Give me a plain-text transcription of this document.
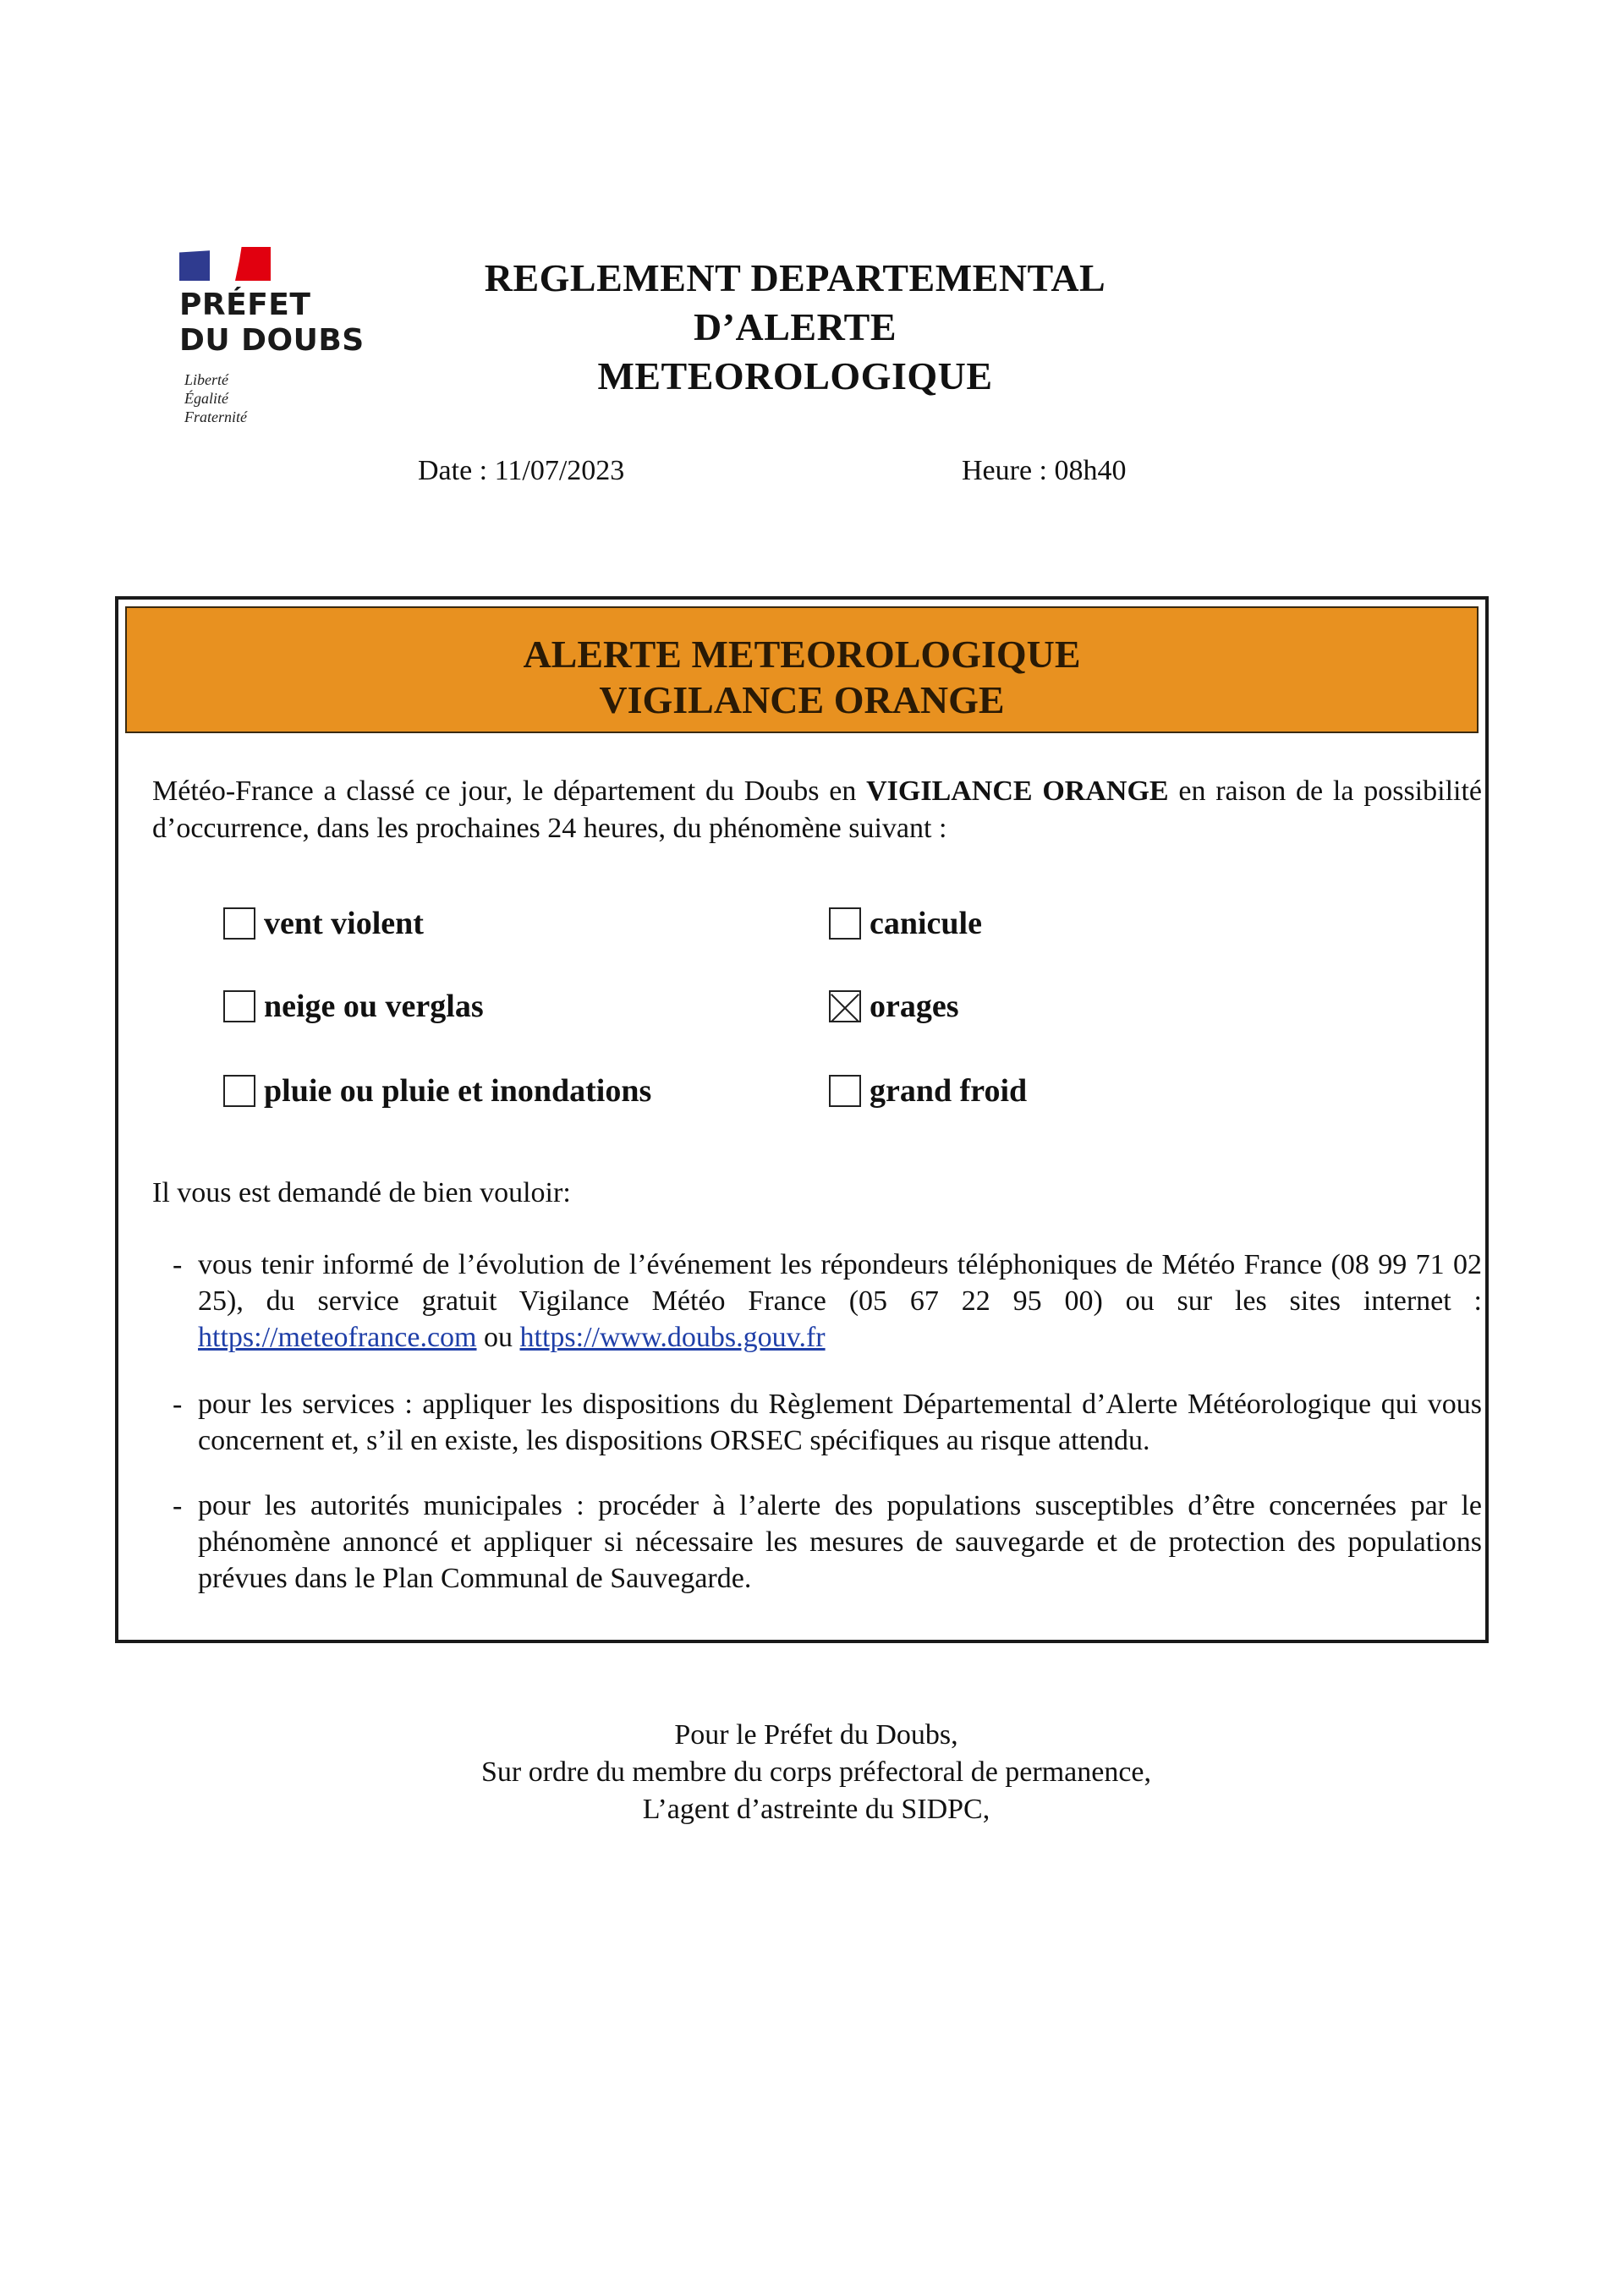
PRÉFET
DU DOUBS
Liberté
Égalité
Fraternité
REGLEMENT DEPARTEMENTAL D’ALERTE
METEOROLOGIQUE
Date : 11/07/2023	Heure : 08h40
ALERTE METEOROLOGIQUE
VIGILANCE ORANGE
Météo-France a classé ce jour, le département du Doubs en VIGILANCE ORANGE en raison de la possibilité d’occurrence, dans les prochaines 24 heures, du phénomène suivant :
vent violent	canicule
neige ou verglas	orages
pluie ou pluie et inondations	grand froid
Il vous est demandé de bien vouloir:
- vous tenir informé de l’évolution de l’événement les répondeurs téléphoniques de Météo France (08 99 71 02 25), du service gratuit Vigilance Météo France (05 67 22 95 00) ou sur les sites internet : https://meteofrance.com ou https://www.doubs.gouv.fr
- pour les services : appliquer les dispositions du Règlement Départemental d’Alerte Météorologique qui vous concernent et, s’il en existe, les dispositions ORSEC spécifiques au risque attendu.
- pour les autorités municipales : procéder à l’alerte des populations susceptibles d’être concernées par le phénomène annoncé et appliquer si nécessaire les mesures de sauvegarde et de protection des populations prévues dans le Plan Communal de Sauvegarde.
Pour le Préfet du Doubs,
Sur ordre du membre du corps préfectoral de permanence,
L’agent d’astreinte du SIDPC,
